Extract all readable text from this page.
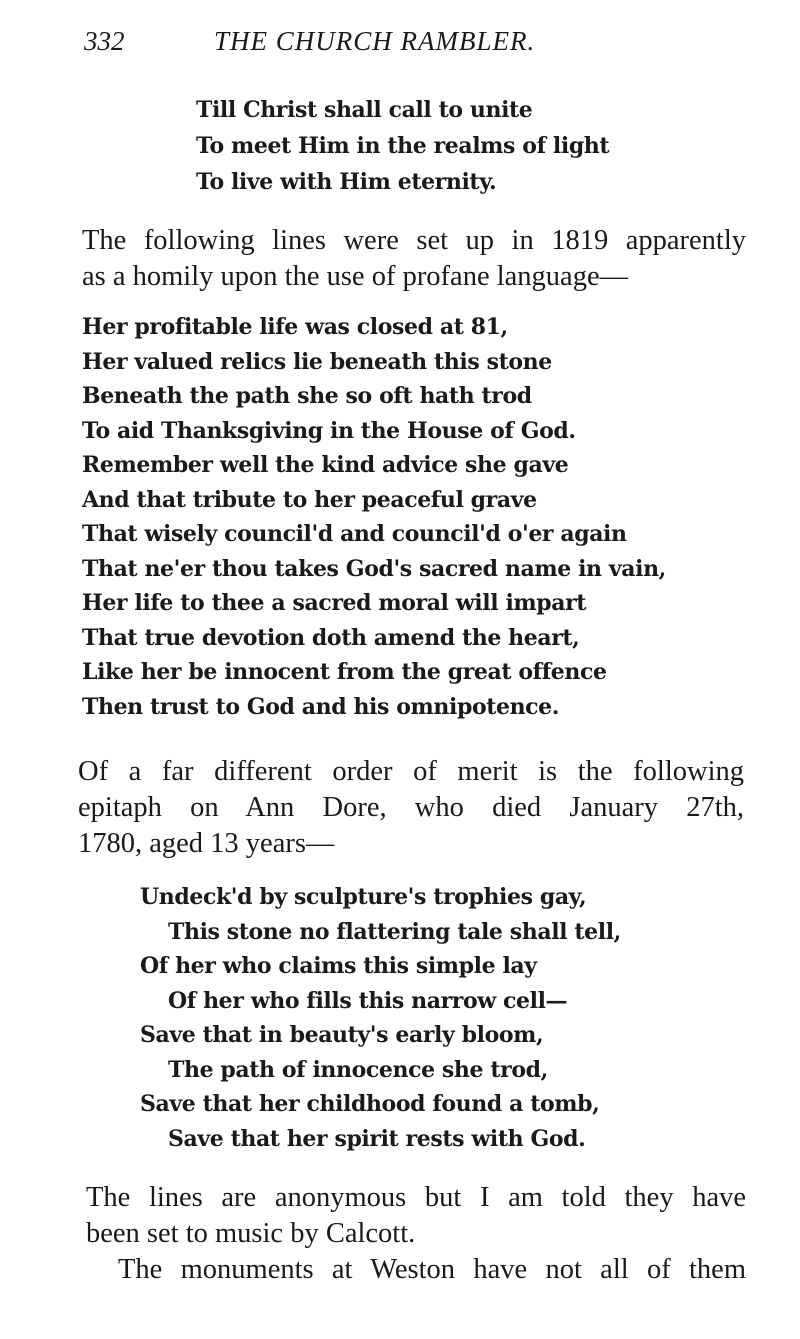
332	THE CHURCH RAMBLER.
Till Christ shall call to unite
To meet Him in the realms of light
To live with Him eternity.
The following lines were set up in 1819 apparently
as a homily upon the use of profane language—
Her profitable life was closed at 81,
Her valued relics lie beneath this stone
Beneath the path she so oft hath trod
To aid Thanksgiving in the House of God.
Remember well the kind advice she gave
And that tribute to her peaceful grave
That wisely council'd and council'd o'er again
That ne'er thou takes God's sacred name in vain,
Her life to thee a sacred moral will impart
That true devotion doth amend the heart,
Like her be innocent from the great offence
Then trust to God and his omnipotence.
Of a far different order of merit is the following
epitaph on Ann Dore, who died January 27th,
1780, aged 13 years—
Undeck'd by sculpture's trophies gay,
This stone no flattering tale shall tell,
Of her who claims this simple lay
Of her who fills this narrow cell—
Save that in beauty's early bloom,
The path of innocence she trod,
Save that her childhood found a tomb,
Save that her spirit rests with God.
The lines are anonymous but I am told they have
been set to music by Calcott.
The monuments at Weston have not all of them
